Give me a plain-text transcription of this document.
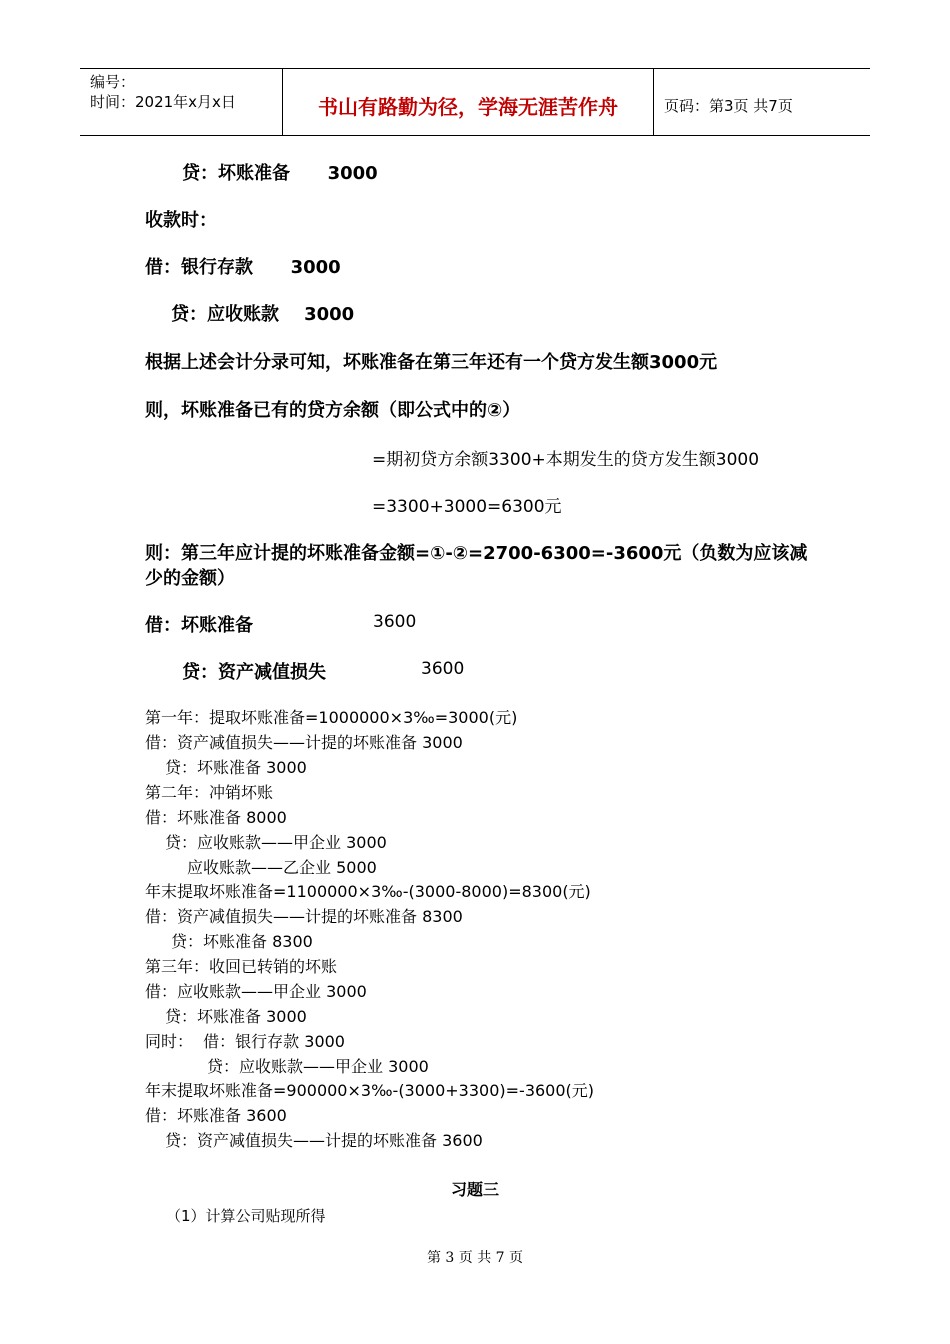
编号：
时间：2021年x月x日	书山有路勤为径，学海无涯苦作舟	页码：第3页 共7页
贷：坏账准备      3000
收款时：
借：银行存款      3000
贷：应收账款    3000
根据上述会计分录可知，坏账准备在第三年还有一个贷方发生额3000元
则，坏账准备已有的贷方余额（即公式中的②）
=期初贷方余额3300+本期发生的贷方发生额3000
=3300+3000=6300元
则：第三年应计提的坏账准备金额=①-②=2700-6300=-3600元（负数为应该减
少的金额）
借：坏账准备	3600
贷：资产减值损失	3600
第一年：提取坏账准备=1000000×3‰=3000(元)
借：资产减值损失——计提的坏账准备 3000
贷：坏账准备 3000
第二年：冲销坏账
借：坏账准备 8000
贷：应收账款——甲企业 3000
应收账款——乙企业 5000
年末提取坏账准备=1100000×3‰-(3000-8000)=8300(元)
借：资产减值损失——计提的坏账准备 8300
贷：坏账准备 8300
第三年：收回已转销的坏账
借：应收账款——甲企业 3000
贷：坏账准备 3000
同时：  借：银行存款 3000
贷：应收账款——甲企业 3000
年末提取坏账准备=900000×3‰-(3000+3300)=-3600(元)
借：坏账准备 3600
贷：资产减值损失——计提的坏账准备 3600
习题三
（1）计算公司贴现所得
第 3 页 共 7 页
